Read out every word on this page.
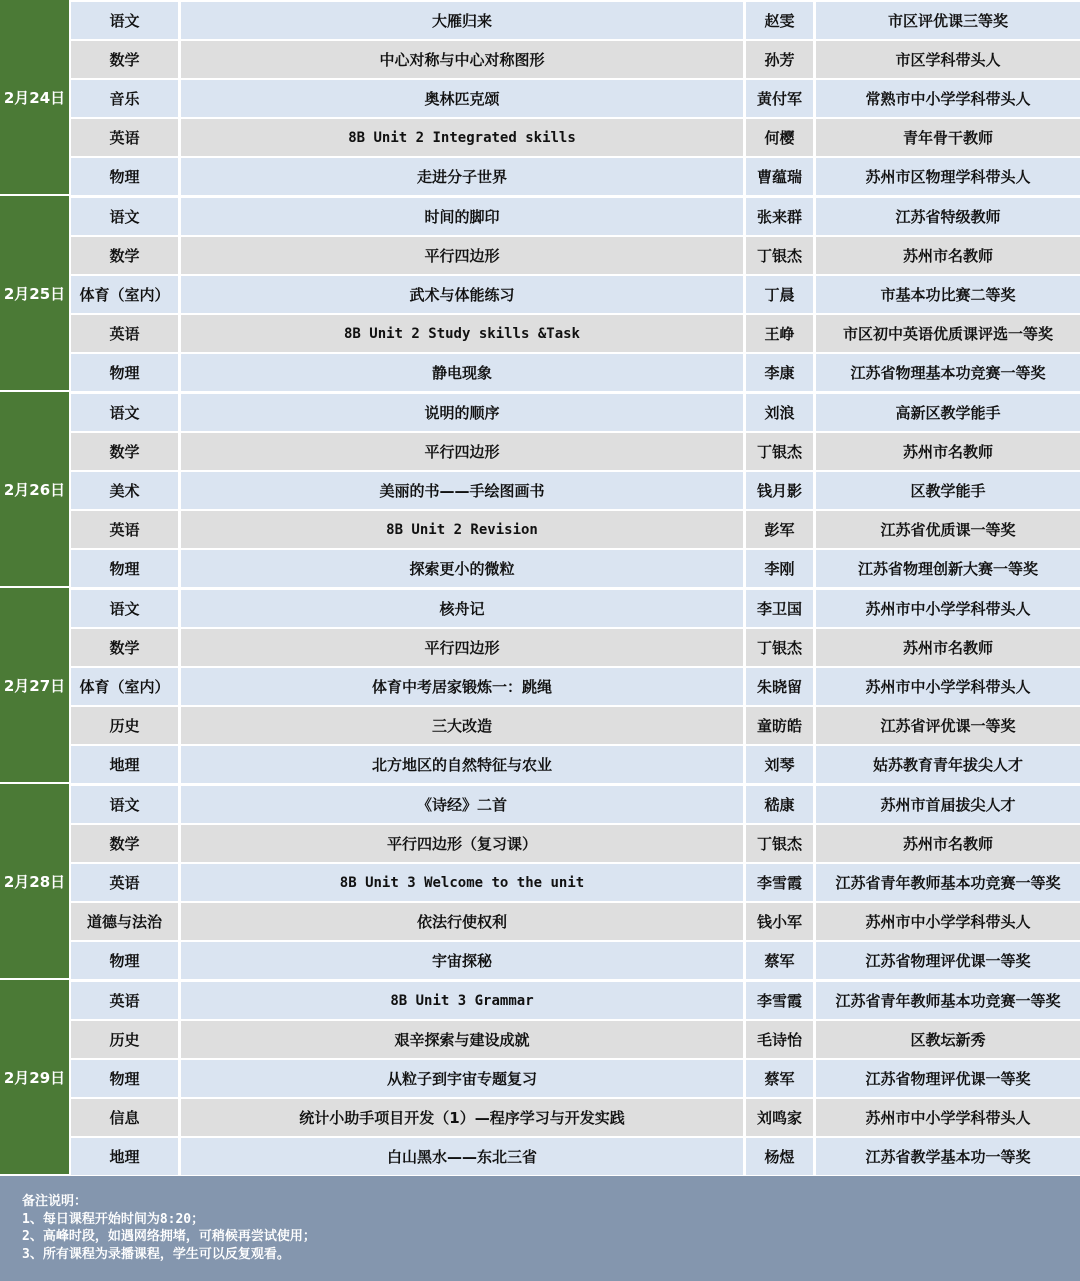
2月24日
语文	大雁归来	赵雯	市区评优课三等奖
数学	中心对称与中心对称图形	孙芳	市区学科带头人
音乐	奥林匹克颂	黄付军	常熟市中小学学科带头人
英语	8B Unit 2 Integrated skills	何樱	青年骨干教师
物理	走进分子世界	曹蕴瑞	苏州市区物理学科带头人
2月25日
语文	时间的脚印	张来群	江苏省特级教师
数学	平行四边形	丁银杰	苏州市名教师
体育（室内）	武术与体能练习	丁晨	市基本功比赛二等奖
英语	8B Unit 2 Study skills &Task	王峥	市区初中英语优质课评选一等奖
物理	静电现象	李康	江苏省物理基本功竞赛一等奖
2月26日
语文	说明的顺序	刘浪	高新区教学能手
数学	平行四边形	丁银杰	苏州市名教师
美术	美丽的书——手绘图画书	钱月影	区教学能手
英语	8B Unit 2 Revision	彭军	江苏省优质课一等奖
物理	探索更小的微粒	李刚	江苏省物理创新大赛一等奖
2月27日
语文	核舟记	李卫国	苏州市中小学学科带头人
数学	平行四边形	丁银杰	苏州市名教师
体育（室内）	体育中考居家锻炼一：跳绳	朱晓留	苏州市中小学学科带头人
历史	三大改造	童昉皓	江苏省评优课一等奖
地理	北方地区的自然特征与农业	刘琴	姑苏教育青年拔尖人才
2月28日
语文	《诗经》二首	嵇康	苏州市首届拔尖人才
数学	平行四边形（复习课）	丁银杰	苏州市名教师
英语	8B Unit 3 Welcome to the unit	李雪霞	江苏省青年教师基本功竞赛一等奖
道德与法治	依法行使权利	钱小军	苏州市中小学学科带头人
物理	宇宙探秘	蔡军	江苏省物理评优课一等奖
2月29日
英语	8B Unit 3 Grammar	李雪霞	江苏省青年教师基本功竞赛一等奖
历史	艰辛探索与建设成就	毛诗怡	区教坛新秀
物理	从粒子到宇宙专题复习	蔡军	江苏省物理评优课一等奖
信息	统计小助手项目开发（1）—程序学习与开发实践	刘鸣家	苏州市中小学学科带头人
地理	白山黑水——东北三省	杨煜	江苏省教学基本功一等奖
备注说明：
1、每日课程开始时间为8:20；
2、高峰时段，如遇网络拥堵，可稍候再尝试使用；
3、所有课程为录播课程，学生可以反复观看。
